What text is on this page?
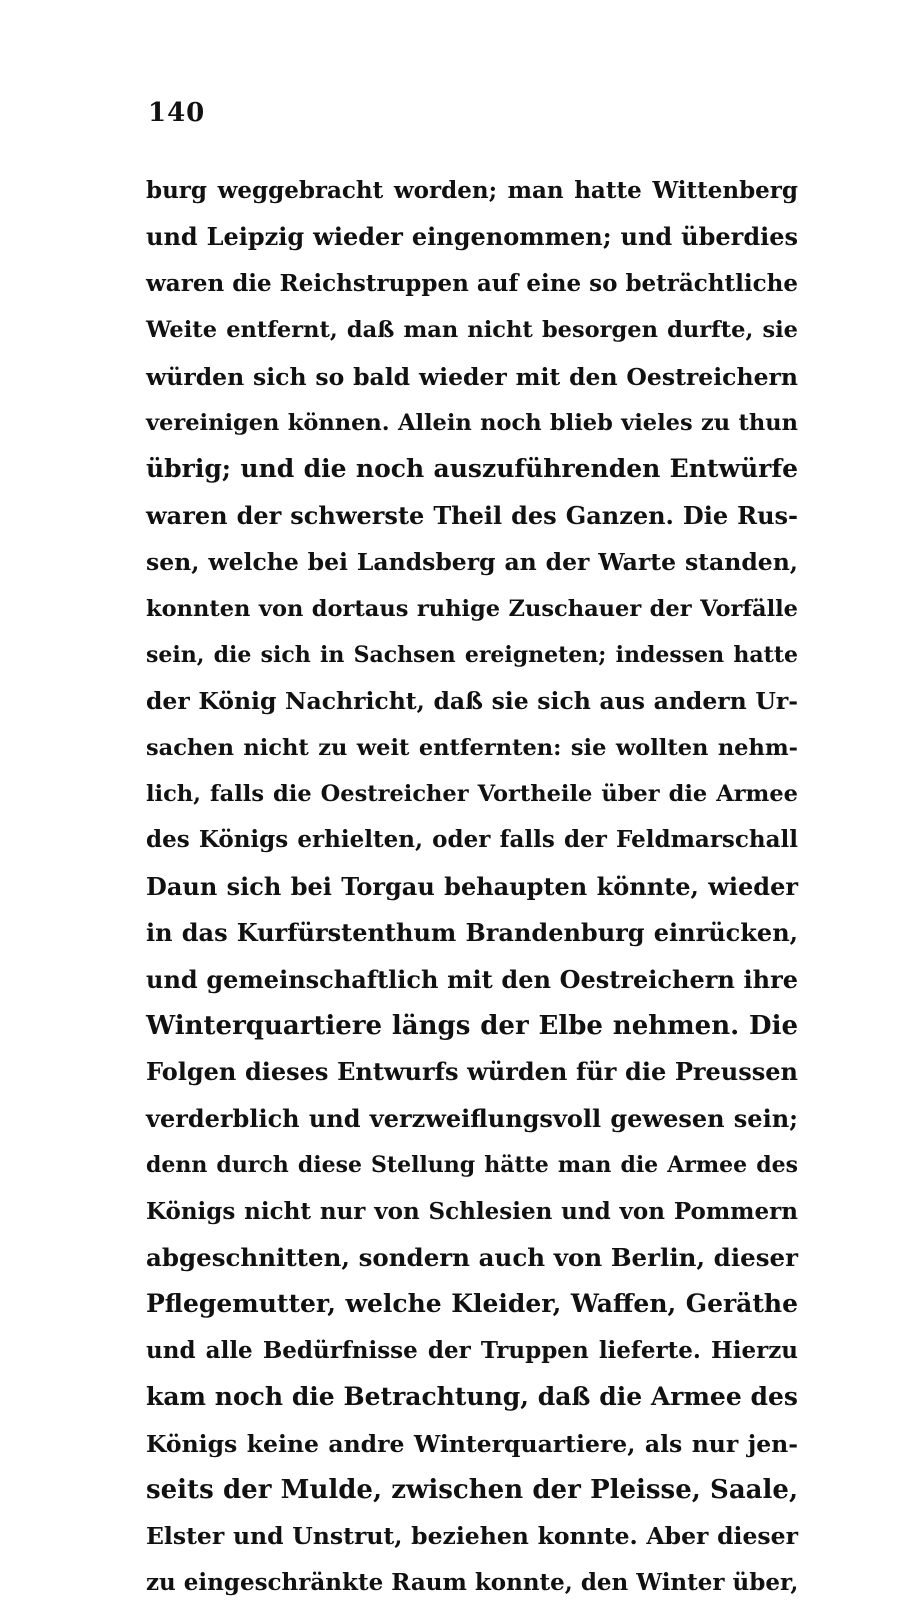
140
burg weggebracht worden; man hatte Wittenberg
und Leipzig wieder eingenommen; und überdies
waren die Reichstruppen auf eine so beträchtliche
Weite entfernt, daß man nicht besorgen durfte, sie
würden sich so bald wieder mit den Oestreichern
vereinigen können. Allein noch blieb vieles zu thun
übrig; und die noch auszuführenden Entwürfe
waren der schwerste Theil des Ganzen. Die Rus-
sen, welche bei Landsberg an der Warte standen,
konnten von dortaus ruhige Zuschauer der Vorfälle
sein, die sich in Sachsen ereigneten; indessen hatte
der König Nachricht, daß sie sich aus andern Ur-
sachen nicht zu weit entfernten: sie wollten nehm-
lich, falls die Oestreicher Vortheile über die Armee
des Königs erhielten, oder falls der Feldmarschall
Daun sich bei Torgau behaupten könnte, wieder
in das Kurfürstenthum Brandenburg einrücken,
und gemeinschaftlich mit den Oestreichern ihre
Winterquartiere längs der Elbe nehmen. Die
Folgen dieses Entwurfs würden für die Preussen
verderblich und verzweiflungsvoll gewesen sein;
denn durch diese Stellung hätte man die Armee des
Königs nicht nur von Schlesien und von Pommern
abgeschnitten, sondern auch von Berlin, dieser
Pflegemutter, welche Kleider, Waffen, Geräthe
und alle Bedürfnisse der Truppen lieferte. Hierzu
kam noch die Betrachtung, daß die Armee des
Königs keine andre Winterquartiere, als nur jen-
seits der Mulde, zwischen der Pleisse, Saale,
Elster und Unstrut, beziehen konnte. Aber dieser
zu eingeschränkte Raum konnte, den Winter über,
